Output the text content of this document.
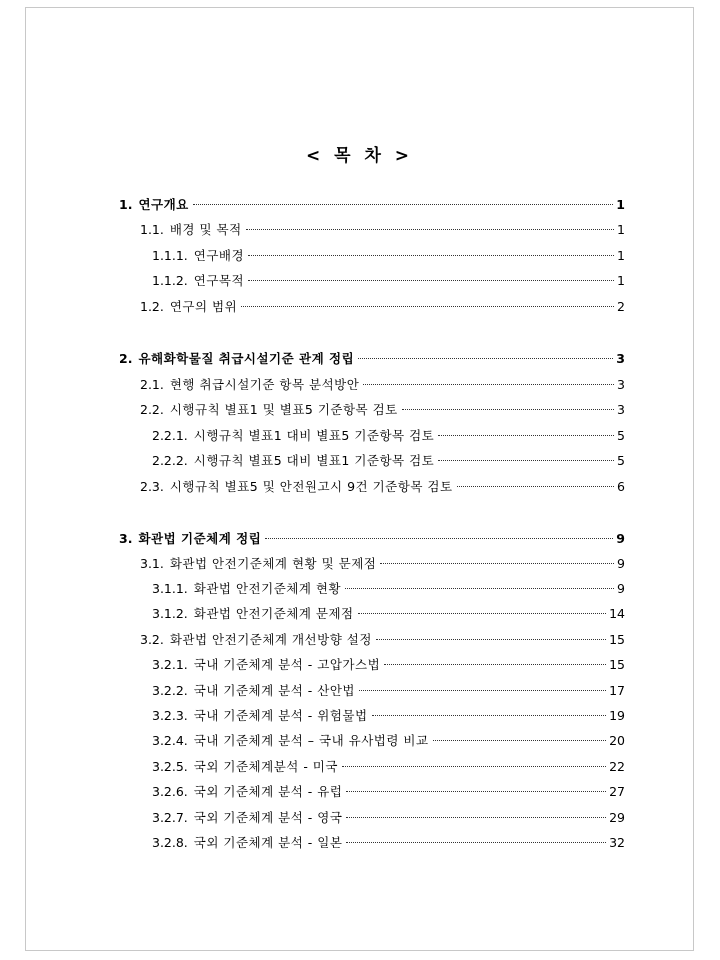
< 목 차 >
1. 연구개요	1
1.1. 배경 및 목적	1
1.1.1. 연구배경	1
1.1.2. 연구목적	1
1.2. 연구의 범위	2
2. 유해화학물질 취급시설기준 관계 정립	3
2.1. 현행 취급시설기준 항목 분석방안	3
2.2. 시행규칙 별표1 및 별표5 기준항목 검토	3
2.2.1. 시행규칙 별표1 대비 별표5 기준항목 검토	5
2.2.2. 시행규칙 별표5 대비 별표1 기준항목 검토	5
2.3. 시행규칙 별표5 및 안전원고시 9건 기준항목 검토	6
3. 화관법 기준체계 정립	9
3.1. 화관법 안전기준체계 현황 및 문제점	9
3.1.1. 화관법 안전기준체계 현황	9
3.1.2. 화관법 안전기준체계 문제점	14
3.2. 화관법 안전기준체계 개선방향 설정	15
3.2.1. 국내 기준체계 분석 - 고압가스법	15
3.2.2. 국내 기준체계 분석 - 산안법	17
3.2.3. 국내 기준체계 분석 - 위험물법	19
3.2.4. 국내 기준체계 분석 – 국내 유사법령 비교	20
3.2.5. 국외 기준체계분석 - 미국	22
3.2.6. 국외 기준체계 분석 - 유럽	27
3.2.7. 국외 기준체계 분석 - 영국	29
3.2.8. 국외 기준체계 분석 - 일본	32
